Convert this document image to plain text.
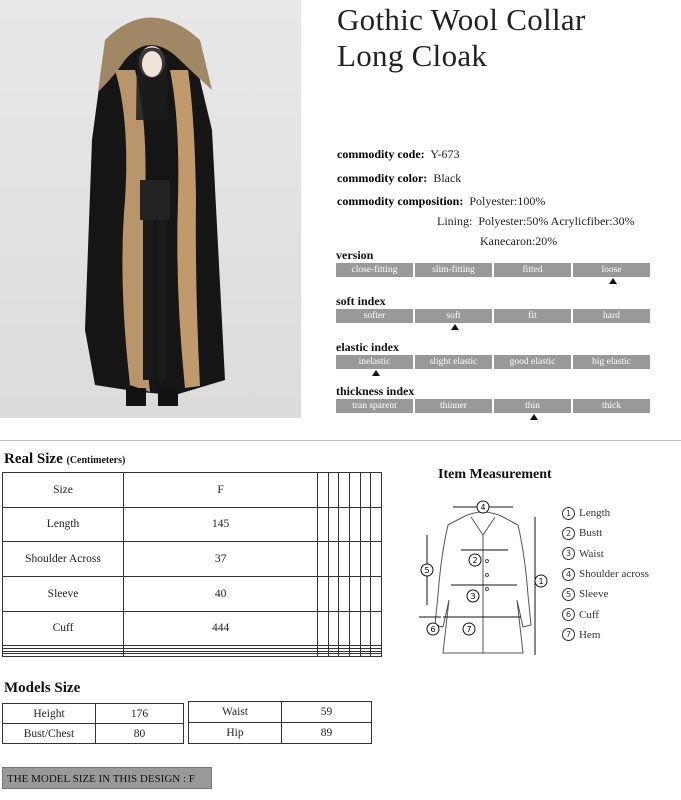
Gothic Wool Collar
Long Cloak
commodity code: Y-673
commodity color: Black
commodity composition: Polyester:100%
Lining: Polyester:50% Acrylicfiber:30%
Kanecaron:20%
version
close-fitting	slim-fitting	fitted	loose
soft index
softer	soft	fit	hard
elastic index
inelastic	slight elastic	good elastic	big elastic
thickness index
tran sparent	thinner	thin	thick
Real Size (Centimeters)
Size	F						
Length	145						
Shoulder Across	37						
Sleeve	40						
Cuff	444						

Item Measurement
4
2
3
5
6	7
1
1 Length
2 Bustt
3 Waist
4 Shoulder across
5 Sleeve
6 Cuff
7 Hem
Models Size
Height	176
Bust/Chest	80
Waist	59
Hip	89
THE MODEL SIZE IN THIS DESIGN : F
